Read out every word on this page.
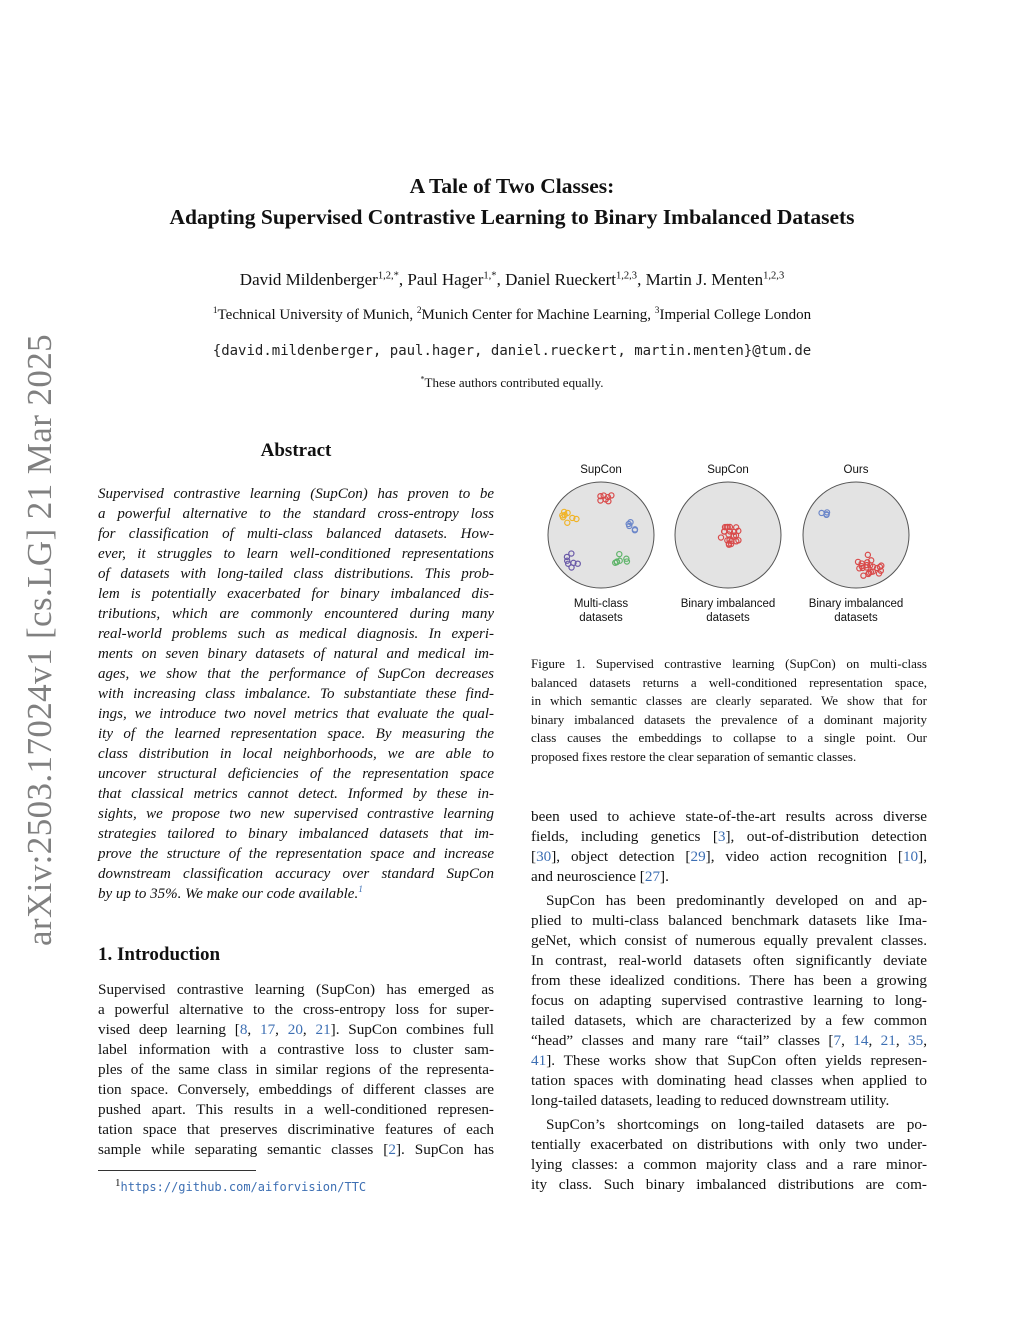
arXiv:2503.17024v1 [cs.LG] 21 Mar 2025
A Tale of Two Classes:
Adapting Supervised Contrastive Learning to Binary Imbalanced Datasets
David Mildenberger$^{1,2,*}$, Paul Hager$^{1,*}$, Daniel Rueckert$^{1,2,3}$, Martin J. Menten$^{1,2,3}$
$^1$Technical University of Munich, $^2$Munich Center for Machine Learning, $^3$Imperial College London
{david.mildenberger, paul.hager, daniel.rueckert, martin.menten}@tum.de
*These authors contributed equally.
Abstract
Supervised contrastive learning (SupCon) has proven to be
a powerful alternative to the standard cross-entropy loss
for classification of multi-class balanced datasets. How-
ever, it struggles to learn well-conditioned representations
of datasets with long-tailed class distributions. This prob-
lem is potentially exacerbated for binary imbalanced dis-
tributions, which are commonly encountered during many
real-world problems such as medical diagnosis. In experi-
ments on seven binary datasets of natural and medical im-
ages, we show that the performance of SupCon decreases
with increasing class imbalance. To substantiate these find-
ings, we introduce two novel metrics that evaluate the qual-
ity of the learned representation space. By measuring the
class distribution in local neighborhoods, we are able to
uncover structural deficiencies of the representation space
that classical metrics cannot detect. Informed by these in-
sights, we propose two new supervised contrastive learning
strategies tailored to binary imbalanced datasets that im-
prove the structure of the representation space and increase
downstream classification accuracy over standard SupCon
by up to 35%. We make our code available.$^1$
1. Introduction
Supervised contrastive learning (SupCon) has emerged as
a powerful alternative to the cross-entropy loss for super-
vised deep learning [8, 17, 20, 21]. SupCon combines full
label information with a contrastive loss to cluster sam-
ples of the same class in similar regions of the representa-
tion space. Conversely, embeddings of different classes are
pushed apart. This results in a well-conditioned represen-
tation space that preserves discriminative features of each
sample while separating semantic classes [2]. SupCon has
1https://github.com/aiforvision/TTC
SupCon	SupCon	Ours
Multi-class
datasets
Binary imbalanced
datasets
Binary imbalanced
datasets
Figure 1. Supervised contrastive learning (SupCon) on multi-class
balanced datasets returns a well-conditioned representation space,
in which semantic classes are clearly separated. We show that for
binary imbalanced datasets the prevalence of a dominant majority
class causes the embeddings to collapse to a single point. Our
proposed fixes restore the clear separation of semantic classes.
been used to achieve state-of-the-art results across diverse
fields, including genetics [3], out-of-distribution detection
[30], object detection [29], video action recognition [10],
and neuroscience [27].
SupCon has been predominantly developed on and ap-
plied to multi-class balanced benchmark datasets like Ima-
geNet, which consist of numerous equally prevalent classes.
In contrast, real-world datasets often significantly deviate
from these idealized conditions. There has been a growing
focus on adapting supervised contrastive learning to long-
tailed datasets, which are characterized by a few common
“head” classes and many rare “tail” classes [7, 14, 21, 35,
41]. These works show that SupCon often yields represen-
tation spaces with dominating head classes when applied to
long-tailed datasets, leading to reduced downstream utility.
SupCon’s shortcomings on long-tailed datasets are po-
tentially exacerbated on distributions with only two under-
lying classes: a common majority class and a rare minor-
ity class. Such binary imbalanced distributions are com-
